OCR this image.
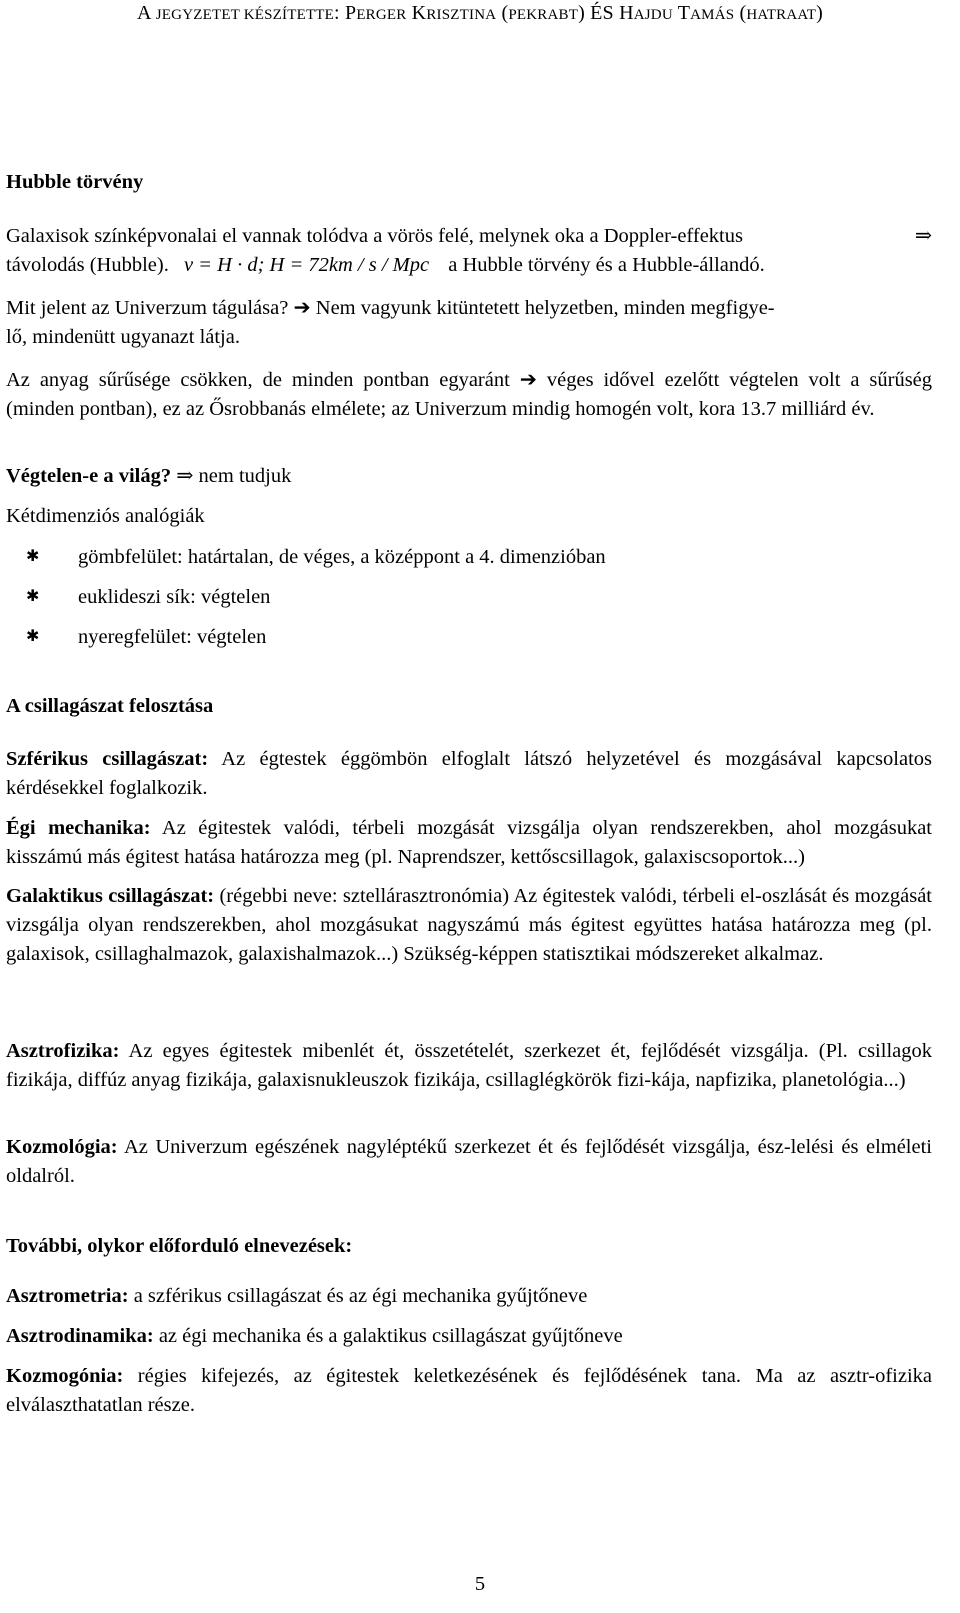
A JEGYZETET KÉSZÍTETTE: PERGER KRISZTINA (PEKRABT) ÉS HAJDU TAMÁS (HATRAAT)
Hubble törvény
Galaxisok színképvonalai el vannak tolódva a vörös felé, melynek oka a Doppler-effektus	⇒
távolodás (Hubble). v = H · d; H = 72km / s / Mpc a Hubble törvény és a Hubble-állandó.
Mit jelent az Univerzum tágulása? ➔ Nem vagyunk kitüntetett helyzetben, minden megfigye-
lő, mindenütt ugyanazt látja.
Az anyag sűrűsége csökken, de minden pontban egyaránt ➔ véges idővel ezelőtt végtelen volt a sűrűség (minden pontban), ez az Ősrobbanás elmélete; az Univerzum mindig homogén volt, kora 13.7 milliárd év.
Végtelen-e a világ? ⇒ nem tudjuk
Kétdimenziós analógiák
✱ gömbfelület: határtalan, de véges, a középpont a 4. dimenzióban
✱ euklideszi sík: végtelen
✱ nyeregfelület: végtelen
A csillagászat felosztása
Szférikus csillagászat: Az égtestek éggömbön elfoglalt látszó helyzetével és mozgásával kapcsolatos kérdésekkel foglalkozik.
Égi mechanika: Az égitestek valódi, térbeli mozgását vizsgálja olyan rendszerekben, ahol mozgásukat kisszámú más égitest hatása határozza meg (pl. Naprendszer, kettőscsillagok, galaxiscsoportok...)
Galaktikus csillagászat: (régebbi neve: sztellárasztronómia) Az égitestek valódi, térbeli el-oszlását és mozgását vizsgálja olyan rendszerekben, ahol mozgásukat nagyszámú más égitest együttes hatása határozza meg (pl. galaxisok, csillaghalmazok, galaxishalmazok...) Szükség-képpen statisztikai módszereket alkalmaz.
Asztrofizika: Az egyes égitestek mibenlét ét, összetételét, szerkezet ét, fejlődését vizsgálja. (Pl. csillagok fizikája, diffúz anyag fizikája, galaxisnukleuszok fizikája, csillaglégkörök fizi-kája, napfizika, planetológia...)
Kozmológia: Az Univerzum egészének nagyléptékű szerkezet ét és fejlődését vizsgálja, ész-lelési és elméleti oldalról.
További, olykor előforduló elnevezések:
Asztrometria: a szférikus csillagászat és az égi mechanika gyűjtőneve
Asztrodinamika: az égi mechanika és a galaktikus csillagászat gyűjtőneve
Kozmogónia: régies kifejezés, az égitestek keletkezésének és fejlődésének tana. Ma az asztr-ofizika elválaszthatatlan része.
5
